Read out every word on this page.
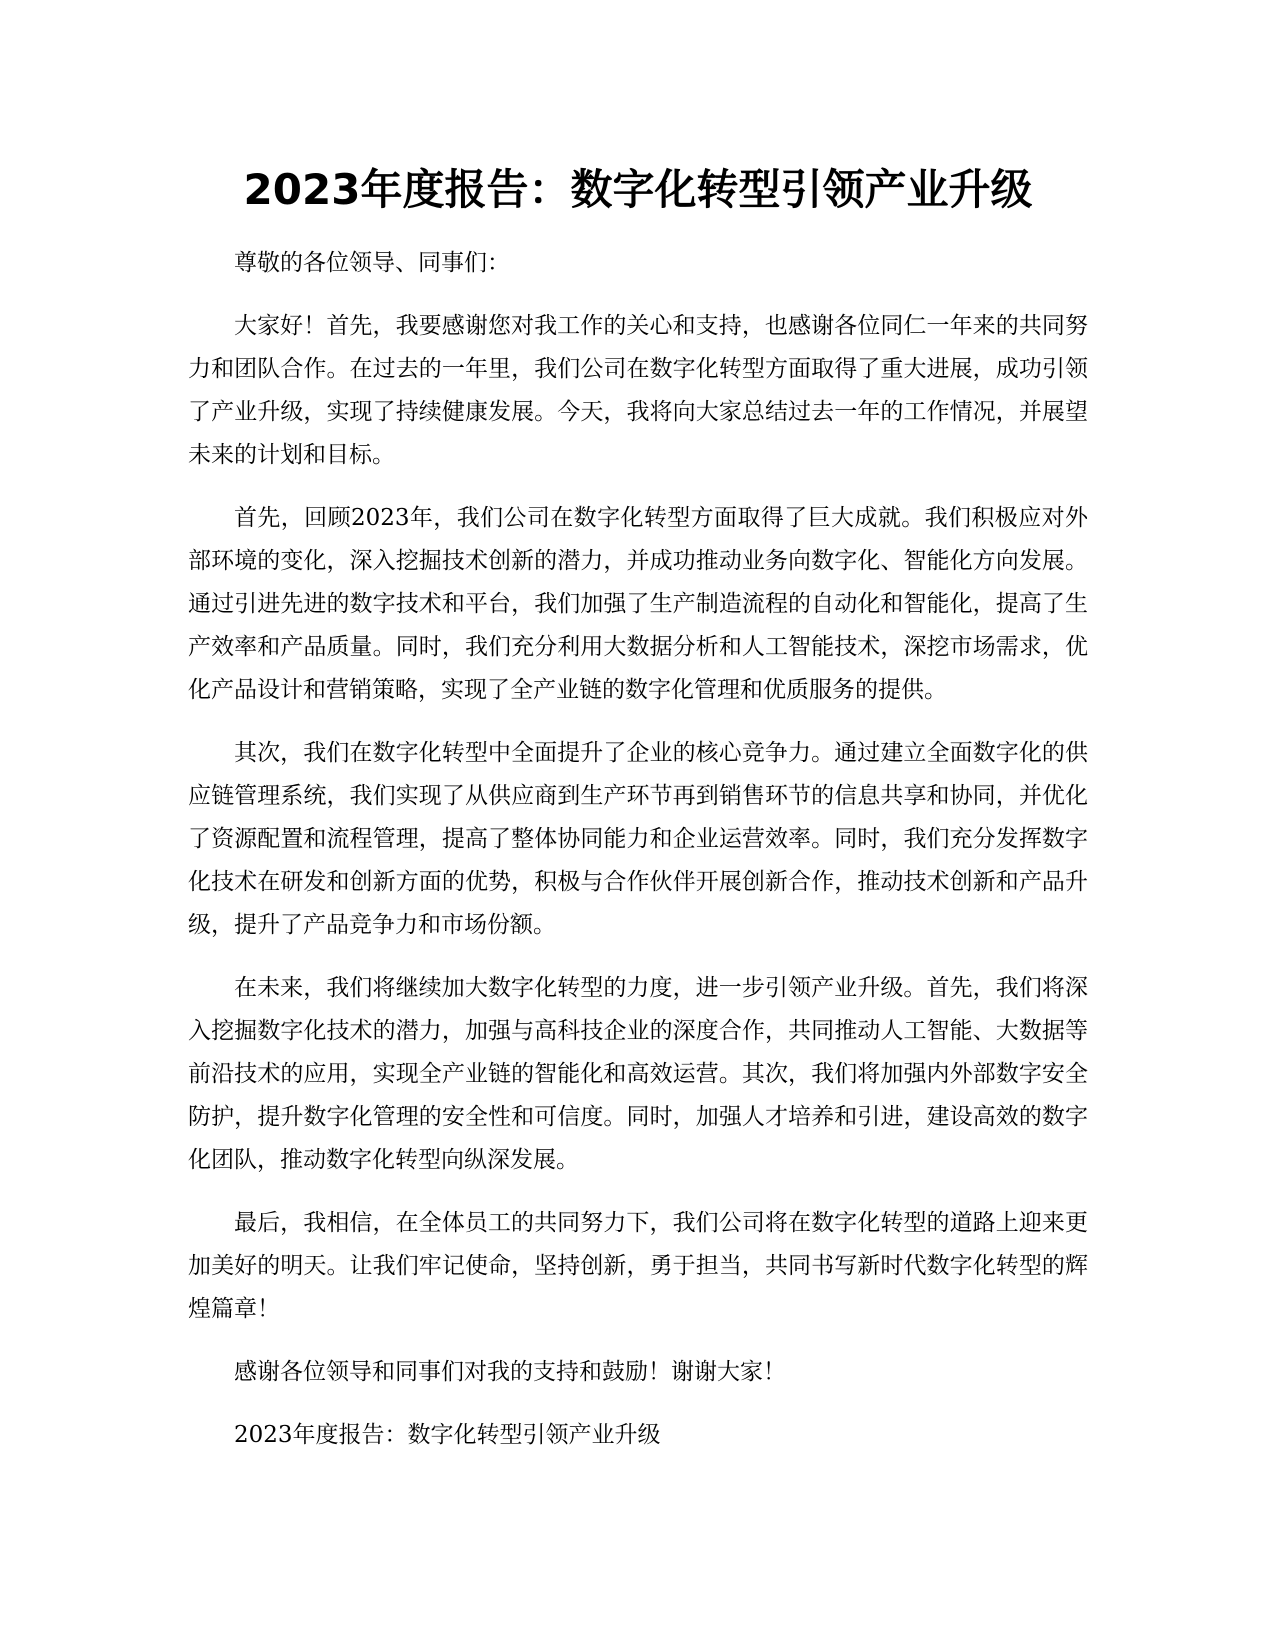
2023年度报告：数字化转型引领产业升级

尊敬的各位领导、同事们：

大家好！首先，我要感谢您对我工作的关心和支持，也感谢各位同仁一年来的共同努力和团队合作。在过去的一年里，我们公司在数字化转型方面取得了重大进展，成功引领了产业升级，实现了持续健康发展。今天，我将向大家总结过去一年的工作情况，并展望未来的计划和目标。

首先，回顾2023年，我们公司在数字化转型方面取得了巨大成就。我们积极应对外部环境的变化，深入挖掘技术创新的潜力，并成功推动业务向数字化、智能化方向发展。通过引进先进的数字技术和平台，我们加强了生产制造流程的自动化和智能化，提高了生产效率和产品质量。同时，我们充分利用大数据分析和人工智能技术，深挖市场需求，优化产品设计和营销策略，实现了全产业链的数字化管理和优质服务的提供。

其次，我们在数字化转型中全面提升了企业的核心竞争力。通过建立全面数字化的供应链管理系统，我们实现了从供应商到生产环节再到销售环节的信息共享和协同，并优化了资源配置和流程管理，提高了整体协同能力和企业运营效率。同时，我们充分发挥数字化技术在研发和创新方面的优势，积极与合作伙伴开展创新合作，推动技术创新和产品升级，提升了产品竞争力和市场份额。

在未来，我们将继续加大数字化转型的力度，进一步引领产业升级。首先，我们将深入挖掘数字化技术的潜力，加强与高科技企业的深度合作，共同推动人工智能、大数据等前沿技术的应用，实现全产业链的智能化和高效运营。其次，我们将加强内外部数字安全防护，提升数字化管理的安全性和可信度。同时，加强人才培养和引进，建设高效的数字化团队，推动数字化转型向纵深发展。

最后，我相信，在全体员工的共同努力下，我们公司将在数字化转型的道路上迎来更加美好的明天。让我们牢记使命，坚持创新，勇于担当，共同书写新时代数字化转型的辉煌篇章！

感谢各位领导和同事们对我的支持和鼓励！谢谢大家！

2023年度报告：数字化转型引领产业升级
